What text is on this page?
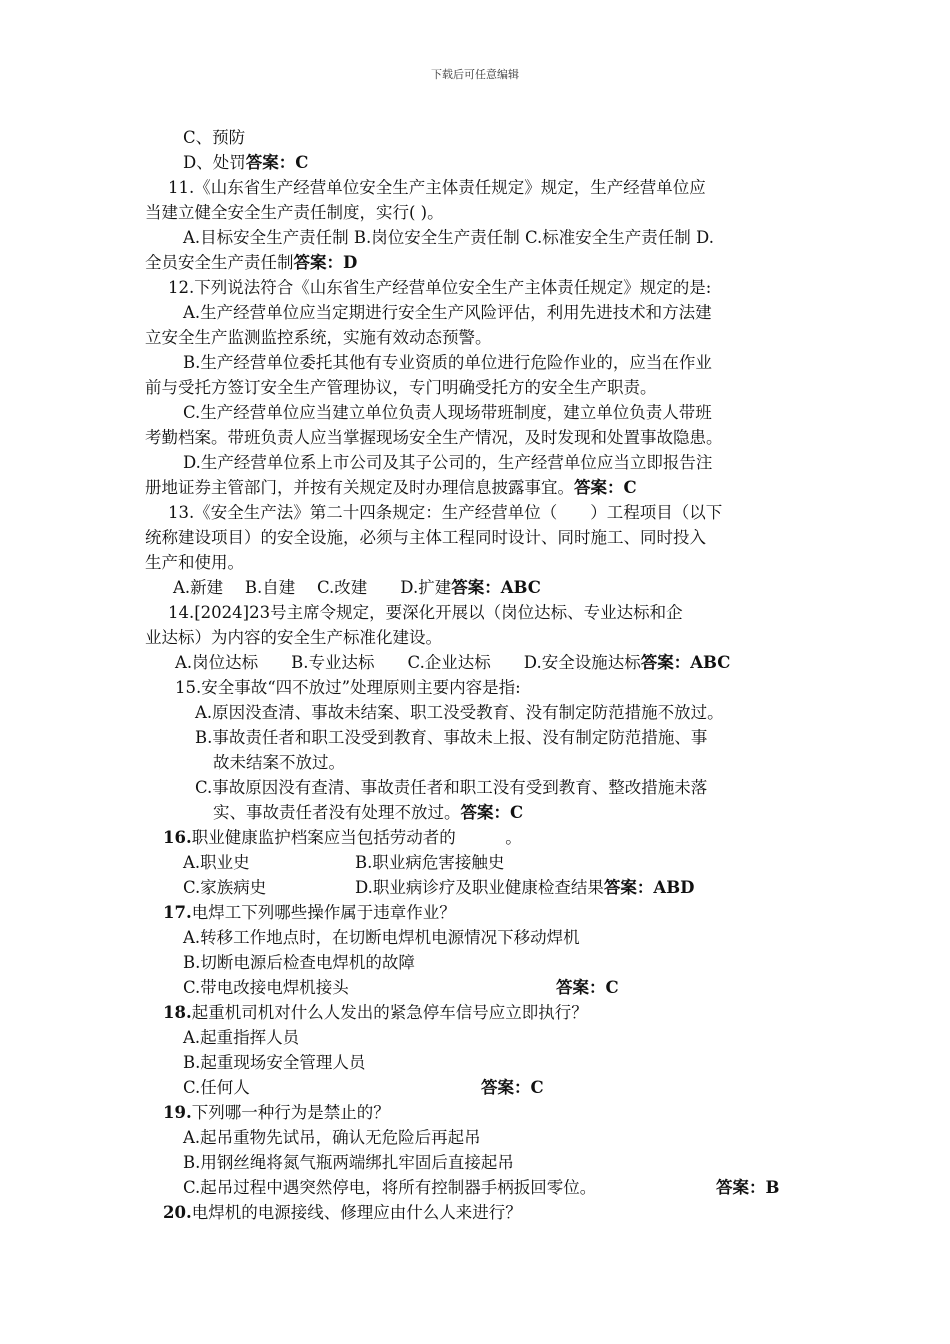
下载后可任意编辑
C、预防
D、处罚答案：C
11.《山东省生产经营单位安全生产主体责任规定》规定，生产经营单位应
当建立健全安全生产责任制度，实行( )。
A.目标安全生产责任制 B.岗位安全生产责任制 C.标准安全生产责任制 D.
全员安全生产责任制答案：D
12.下列说法符合《山东省生产经营单位安全生产主体责任规定》规定的是:
A.生产经营单位应当定期进行安全生产风险评估，利用先进技术和方法建
立安全生产监测监控系统，实施有效动态预警。
B.生产经营单位委托其他有专业资质的单位进行危险作业的，应当在作业
前与受托方签订安全生产管理协议，专门明确受托方的安全生产职责。
C.生产经营单位应当建立单位负责人现场带班制度，建立单位负责人带班
考勤档案。带班负责人应当掌握现场安全生产情况，及时发现和处置事故隐患。
D.生产经营单位系上市公司及其子公司的，生产经营单位应当立即报告注
册地证券主管部门，并按有关规定及时办理信息披露事宜。答案：C
13.《安全生产法》第二十四条规定：生产经营单位（　　）工程项目（以下
统称建设项目）的安全设施，必须与主体工程同时设计、同时施工、同时投入
生产和使用。
A.新建　 B.自建　 C.改建　　D.扩建答案：ABC
14.[2024]23号主席令规定，要深化开展以（岗位达标、专业达标和企
业达标）为内容的安全生产标准化建设。
A.岗位达标　　B.专业达标　　C.企业达标　　D.安全设施达标答案：ABC
15.安全事故“四不放过”处理原则主要内容是指:
A.原因没查清、事故未结案、职工没受教育、没有制定防范措施不放过。
B.事故责任者和职工没受到教育、事故未上报、没有制定防范措施、事
故未结案不放过。
C.事故原因没有查清、事故责任者和职工没有受到教育、整改措施未落
实、事故责任者没有处理不放过。答案：C
16.职业健康监护档案应当包括劳动者的　　　。
A.职业史	B.职业病危害接触史
C.家族病史	D.职业病诊疗及职业健康检查结果答案：ABD
17.电焊工下列哪些操作属于违章作业？
A.转移工作地点时，在切断电焊机电源情况下移动焊机
B.切断电源后检查电焊机的故障
C.带电改接电焊机接头	答案：C
18.起重机司机对什么人发出的紧急停车信号应立即执行？
A.起重指挥人员
B.起重现场安全管理人员
C.任何人	答案：C
19.下列哪一种行为是禁止的？
A.起吊重物先试吊，确认无危险后再起吊
B.用钢丝绳将氮气瓶两端绑扎牢固后直接起吊
C.起吊过程中遇突然停电，将所有控制器手柄扳回零位。	答案：B
20.电焊机的电源接线、修理应由什么人来进行？
